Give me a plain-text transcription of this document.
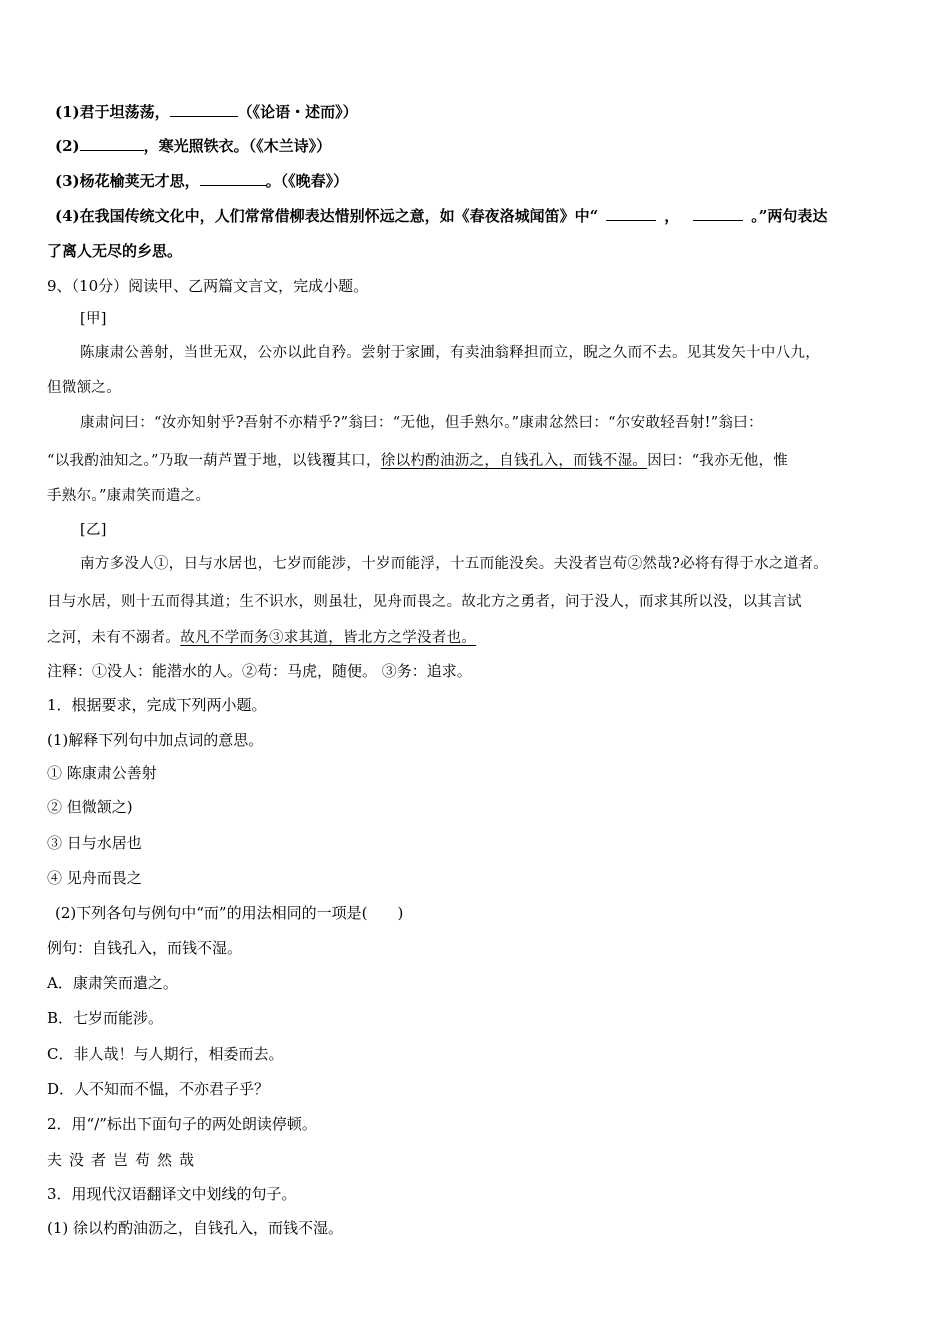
(1)君于坦荡荡，	（《论语・述而》）
(2)	，寒光照铁衣。（《木兰诗》）
(3)杨花榆荚无才思，	。（《晚春》）
(4)在我国传统文化中，人们常常借柳表达惜别怀远之意，如《春夜洛城闻笛》中“	，	。”两句表达
了离人无尽的乡思。
9、（10分）阅读甲、乙两篇文言文，完成小题。
[甲]
陈康肃公善射，当世无双，公亦以此自矜。尝射于家圃，有卖油翁释担而立，睨之久而不去。见其发矢十中八九，
但微颔之。
康肃问曰：“汝亦知射乎?吾射不亦精乎?”翁曰：“无他，但手熟尔。”康肃忿然曰：“尔安敢轻吾射!”翁曰：
“以我酌油知之。”乃取一葫芦置于地，以钱覆其口，徐以杓酌油沥之，自钱孔入，而钱不湿。因曰：“我亦无他，惟
手熟尔。”康肃笑而遣之。
[乙]
南方多没人①，日与水居也，七岁而能涉，十岁而能浮，十五而能没矣。夫没者岂苟②然哉?必将有得于水之道者。
日与水居，则十五而得其道；生不识水，则虽壮，见舟而畏之。故北方之勇者，问于没人，而求其所以没，以其言试
之河，未有不溺者。故凡不学而务③求其道，皆北方之学没者也。
注释：①没人：能潜水的人。②苟：马虎，随便。 ③务：追求。
1．根据要求，完成下列两小题。
(1)解释下列句中加点词的意思。
① 陈康肃公善射
② 但微颔之)
③ 日与水居也
④ 见舟而畏之
(2)下列各句与例句中“而”的用法相同的一项是(　　)
例句：自钱孔入，而钱不湿。
A．康肃笑而遣之。
B．七岁而能涉。
C．非人哉！与人期行，相委而去。
D．人不知而不愠，不亦君子乎？
2．用“/”标出下面句子的两处朗读停顿。
夫没者岂苟然哉
3．用现代汉语翻译文中划线的句子。
(1) 徐以杓酌油沥之，自钱孔入，而钱不湿。
